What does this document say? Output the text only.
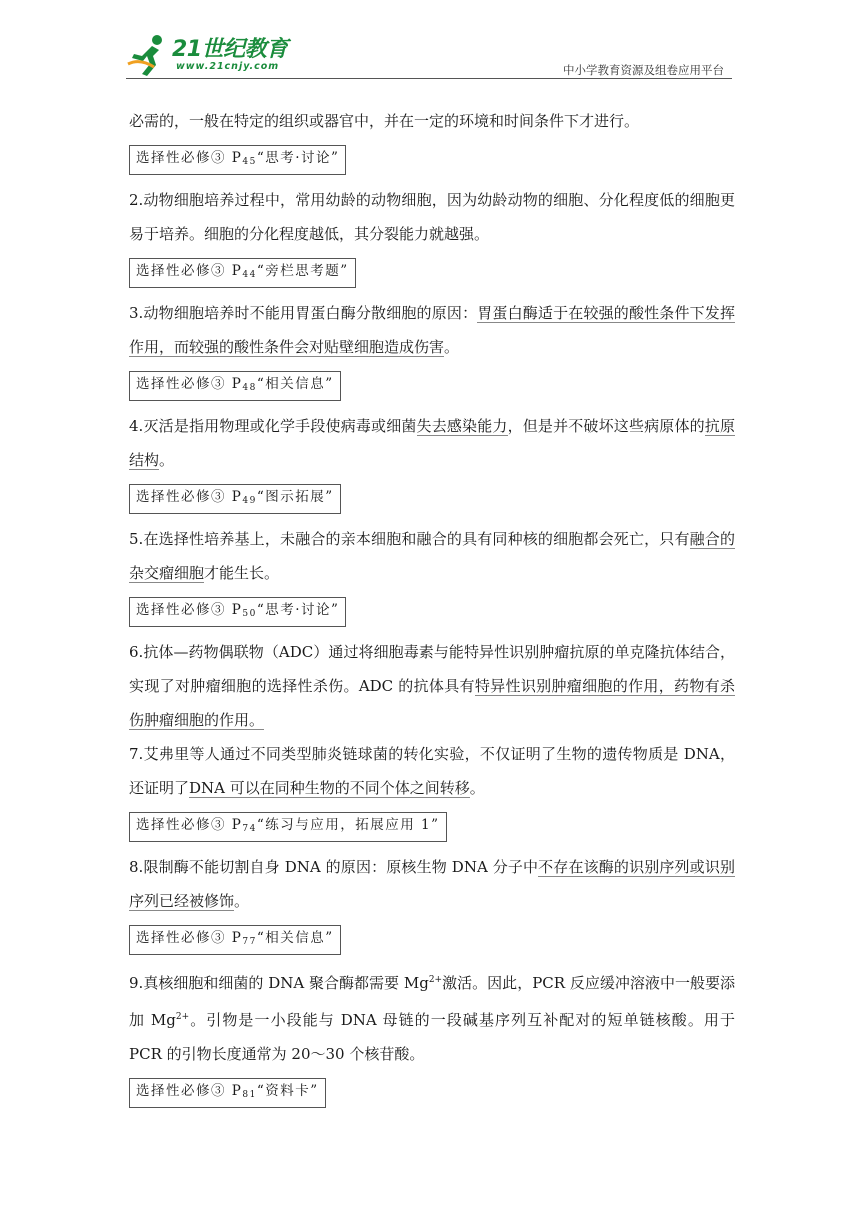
21世纪教育
www.21cnjy.com	中小学教育资源及组卷应用平台

必需的，一般在特定的组织或器官中，并在一定的环境和时间条件下才进行。

选择性必修③ $P_{45}“$思考·讨论”

2.动物细胞培养过程中，常用幼龄的动物细胞，因为幼龄动物的细胞、分化程度低的细胞更易于培养。细胞的分化程度越低，其分裂能力就越强。

选择性必修③ $P_{44}“$旁栏思考题”

3.动物细胞培养时不能用胃蛋白酶分散细胞的原因：胃蛋白酶适于在较强的酸性条件下发挥作用，而较强的酸性条件会对贴壁细胞造成伤害。

选择性必修③ $P_{48}“$相关信息”

4.灭活是指用物理或化学手段使病毒或细菌失去感染能力，但是并不破坏这些病原体的抗原结构。

选择性必修③ $P_{49}“$图示拓展”

5.在选择性培养基上，未融合的亲本细胞和融合的具有同种核的细胞都会死亡，只有融合的杂交瘤细胞才能生长。

选择性必修③ $P_{50}“$思考·讨论”

6.抗体—药物偶联物（ADC）通过将细胞毒素与能特异性识别肿瘤抗原的单克隆抗体结合，实现了对肿瘤细胞的选择性杀伤。ADC 的抗体具有特异性识别肿瘤细胞的作用，药物有杀伤肿瘤细胞的作用。

7.艾弗里等人通过不同类型肺炎链球菌的转化实验，不仅证明了生物的遗传物质是 DNA，还证明了DNA 可以在同种生物的不同个体之间转移。

选择性必修③ $P_{74}“$练习与应用，拓展应用 1”

8.限制酶不能切割自身 DNA 的原因：原核生物 DNA 分子中不存在该酶的识别序列或识别序列已经被修饰。

选择性必修③ $P_{77}“$相关信息”

9.真核细胞和细菌的 DNA 聚合酶都需要 $Mg^{2+}$激活。因此，PCR 反应缓冲溶液中一般要添加 $Mg^{2+}$。引物是一小段能与 DNA 母链的一段碱基序列互补配对的短单链核酸。用于 PCR 的引物长度通常为 20～30 个核苷酸。

选择性必修③ $P_{81}“$资料卡”
